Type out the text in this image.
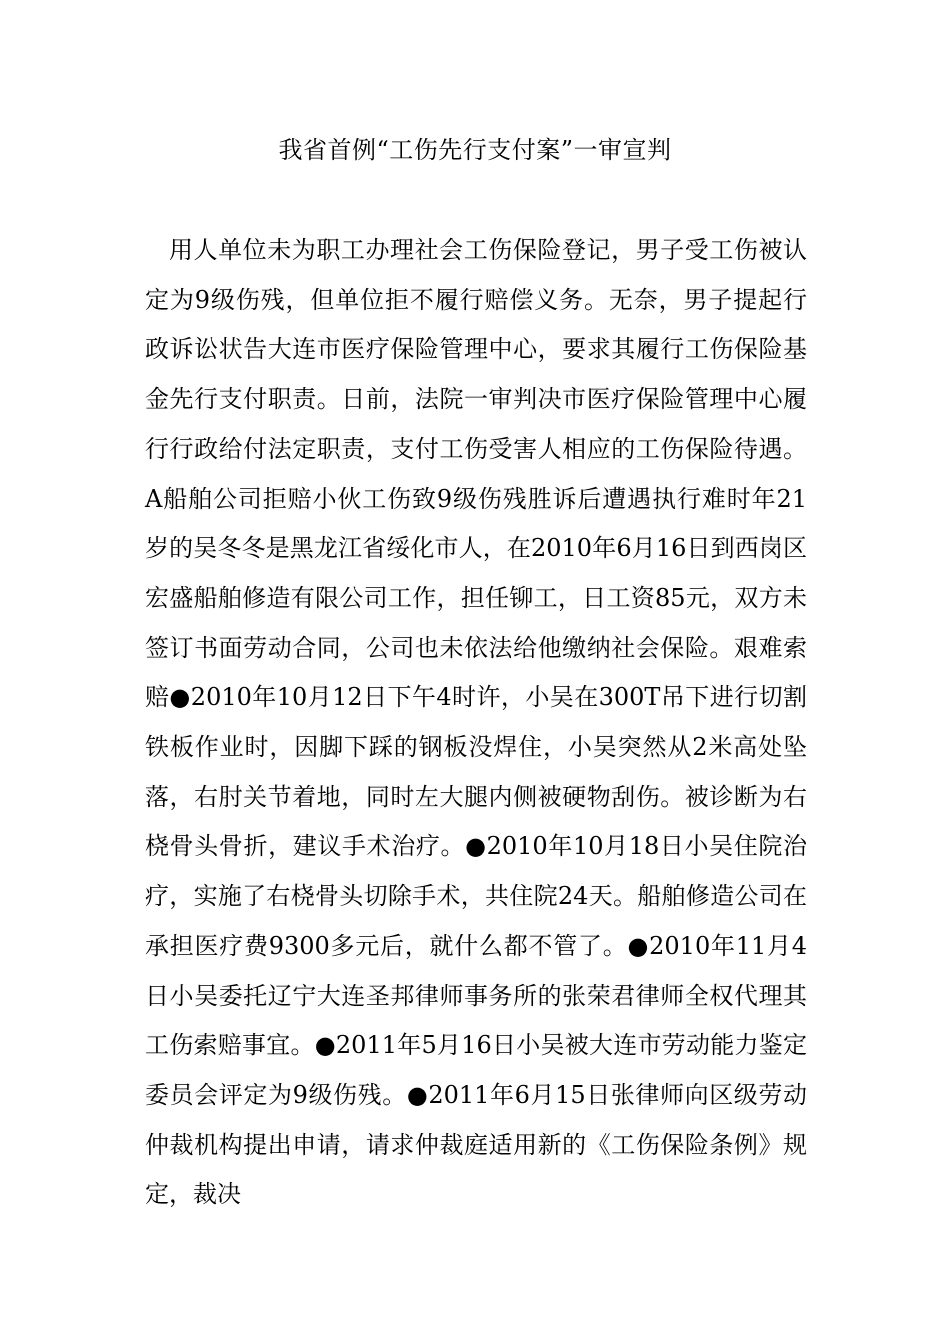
我省首例“工伤先行支付案”一审宣判

用人单位未为职工办理社会工伤保险登记，男子受工伤被认定为9级伤残，但单位拒不履行赔偿义务。无奈，男子提起行政诉讼状告大连市医疗保险管理中心，要求其履行工伤保险基金先行支付职责。日前，法院一审判决市医疗保险管理中心履行行政给付法定职责，支付工伤受害人相应的工伤保险待遇。A船舶公司拒赔小伙工伤致9级伤残胜诉后遭遇执行难时年21岁的吴冬冬是黑龙江省绥化市人，在2010年6月16日到西岗区宏盛船舶修造有限公司工作，担任铆工，日工资85元，双方未签订书面劳动合同，公司也未依法给他缴纳社会保险。艰难索赔●2010年10月12日下午4时许，小吴在300T吊下进行切割铁板作业时，因脚下踩的钢板没焊住，小吴突然从2米高处坠落，右肘关节着地，同时左大腿内侧被硬物刮伤。被诊断为右桡骨头骨折，建议手术治疗。●2010年10月18日小吴住院治疗，实施了右桡骨头切除手术，共住院24天。船舶修造公司在承担医疗费9300多元后，就什么都不管了。●2010年11月4日小吴委托辽宁大连圣邦律师事务所的张荣君律师全权代理其工伤索赔事宜。●2011年5月16日小吴被大连市劳动能力鉴定委员会评定为9级伤残。●2011年6月15日张律师向区级劳动仲裁机构提出申请，请求仲裁庭适用新的《工伤保险条例》规定，裁决
